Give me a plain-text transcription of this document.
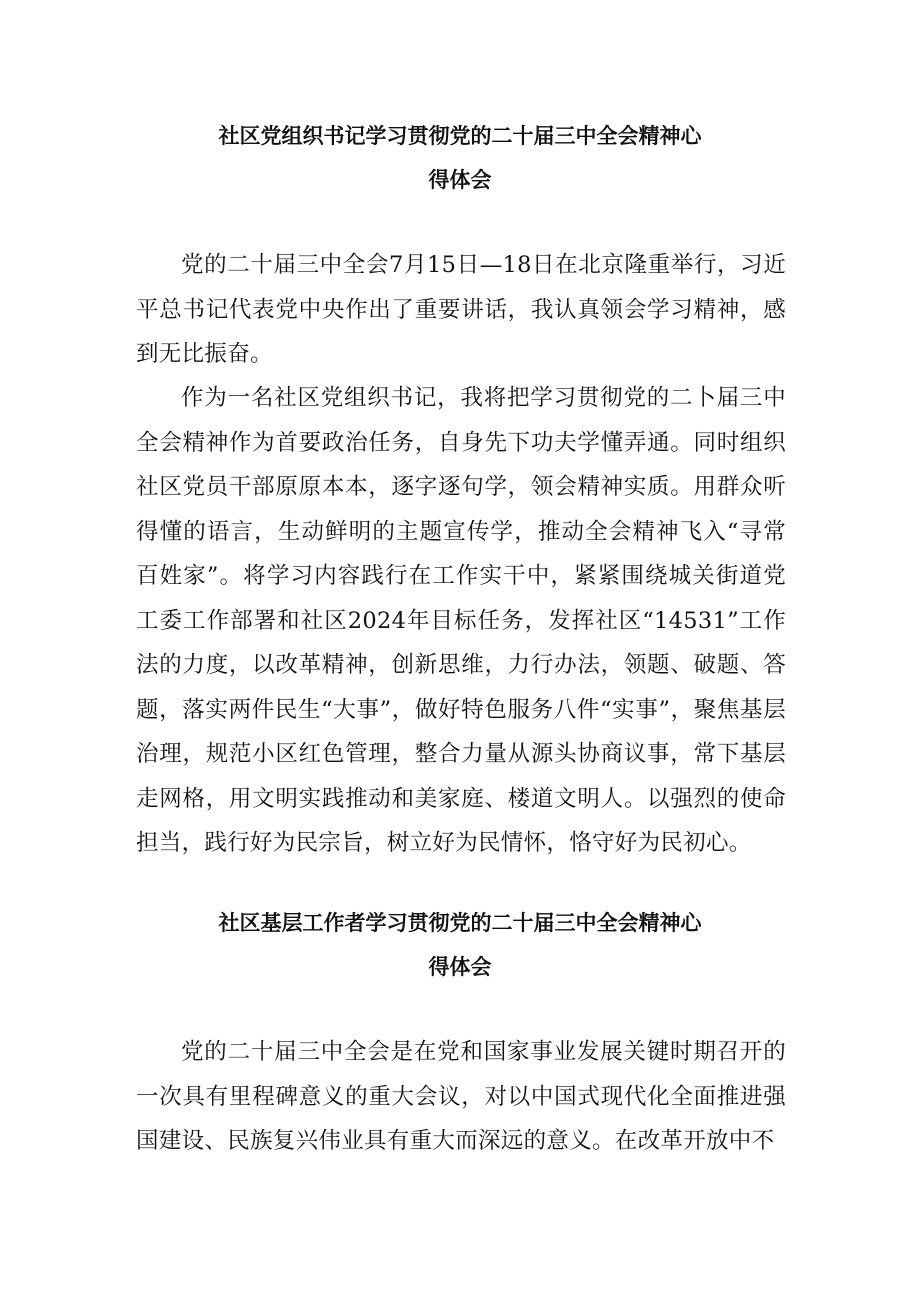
社区党组织书记学习贯彻党的二十届三中全会精神心
得体会

党的二十届三中全会7月15日—18日在北京隆重举行，习近平总书记代表党中央作出了重要讲话，我认真领会学习精神，感到无比振奋。

作为一名社区党组织书记，我将把学习贯彻党的二卜届三中全会精神作为首要政治任务，自身先下功夫学懂弄通。同时组织社区党员干部原原本本，逐字逐句学，领会精神实质。用群众听得懂的语言，生动鲜明的主题宣传学，推动全会精神飞入“寻常百姓家”。将学习内容践行在工作实干中，紧紧围绕城关街道党工委工作部署和社区2024年目标任务，发挥社区“14531”工作法的力度，以改革精神，创新思维，力行办法，领题、破题、答题，落实两件民生“大事”，做好特色服务八件“实事”，聚焦基层治理，规范小区红色管理，整合力量从源头协商议事，常下基层走网格，用文明实践推动和美家庭、楼道文明人。以强烈的使命担当，践行好为民宗旨，树立好为民情怀，恪守好为民初心。

社区基层工作者学习贯彻党的二十届三中全会精神心
得体会

党的二十届三中全会是在党和国家事业发展关键时期召开的一次具有里程碑意义的重大会议，对以中国式现代化全面推进强国建设、民族复兴伟业具有重大而深远的意义。在改革开放中不
